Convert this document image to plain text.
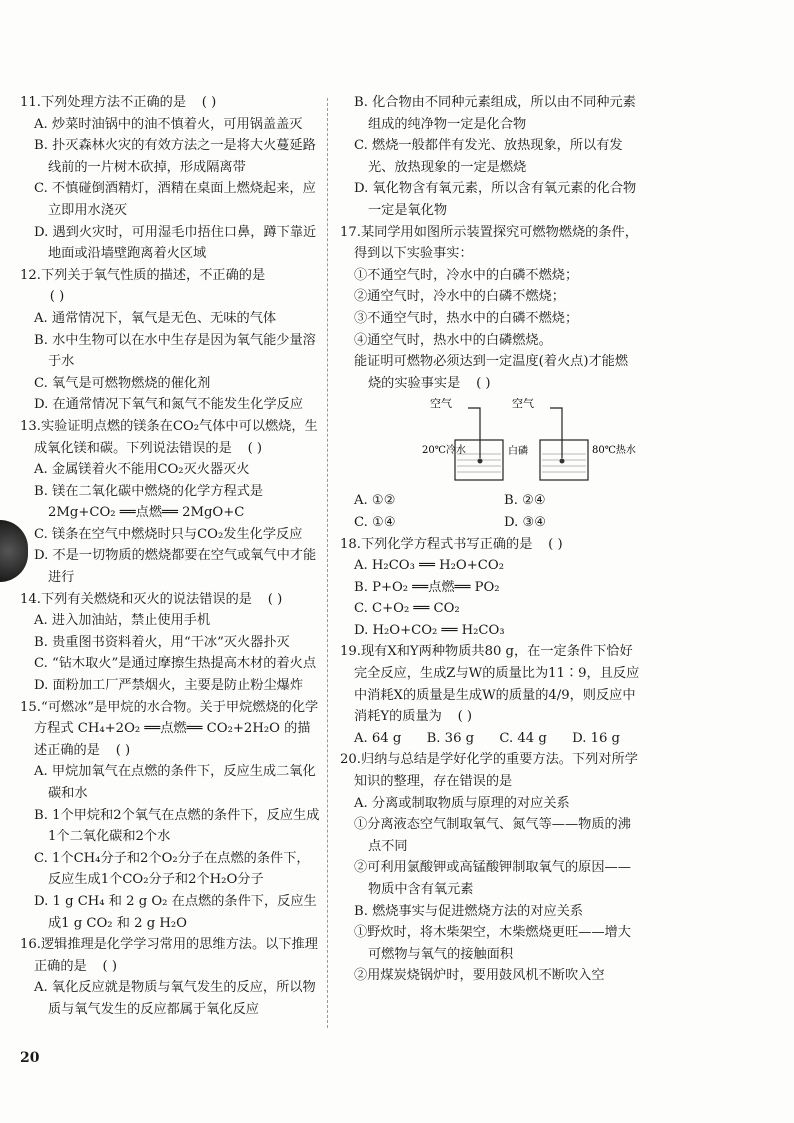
11.下列处理方法不正确的是 ( )
A. 炒菜时油锅中的油不慎着火，可用锅盖盖灭
B. 扑灭森林火灾的有效方法之一是将大火蔓延路线前的一片树木砍掉，形成隔离带
C. 不慎碰倒酒精灯，酒精在桌面上燃烧起来，应立即用水浇灭
D. 遇到火灾时，可用湿毛巾捂住口鼻，蹲下靠近地面或沿墙壁跑离着火区域
12.下列关于氧气性质的描述，不正确的是( )
A. 通常情况下，氧气是无色、无味的气体
B. 水中生物可以在水中生存是因为氧气能少量溶于水
C. 氧气是可燃物燃烧的催化剂
D. 在通常情况下氧气和氮气不能发生化学反应
13.实验证明点燃的镁条在CO₂气体中可以燃烧，生成氧化镁和碳。下列说法错误的是 ( )
A. 金属镁着火不能用CO₂灭火器灭火
B. 镁在二氧化碳中燃烧的化学方程式是2Mg+CO₂ ══点燃══ 2MgO+C
C. 镁条在空气中燃烧时只与CO₂发生化学反应
D. 不是一切物质的燃烧都要在空气或氧气中才能进行
14.下列有关燃烧和灭火的说法错误的是 ( )
A. 进入加油站，禁止使用手机
B. 贵重图书资料着火，用“干冰”灭火器扑灭
C. “钻木取火”是通过摩擦生热提高木材的着火点
D. 面粉加工厂严禁烟火，主要是防止粉尘爆炸
15.“可燃冰”是甲烷的水合物。关于甲烷燃烧的化学方程式 CH₄+2O₂ ══点燃══ CO₂+2H₂O 的描述正确的是 ( )
A. 甲烷加氧气在点燃的条件下，反应生成二氧化碳和水
B. 1个甲烷和2个氧气在点燃的条件下，反应生成1个二氧化碳和2个水
C. 1个CH₄分子和2个O₂分子在点燃的条件下，反应生成1个CO₂分子和2个H₂O分子
D. 1 g CH₄ 和 2 g O₂ 在点燃的条件下，反应生成1 g CO₂ 和 2 g H₂O
16.逻辑推理是化学学习常用的思维方法。以下推理正确的是 ( )
A. 氧化反应就是物质与氧气发生的反应，所以物质与氧气发生的反应都属于氧化反应
B. 化合物由不同种元素组成，所以由不同种元素组成的纯净物一定是化合物
C. 燃烧一般都伴有发光、放热现象，所以有发光、放热现象的一定是燃烧
D. 氧化物含有氧元素，所以含有氧元素的化合物一定是氧化物
17.某同学用如图所示装置探究可燃物燃烧的条件，得到以下实验事实：
①不通空气时，冷水中的白磷不燃烧；
②通空气时，冷水中的白磷不燃烧；
③不通空气时，热水中的白磷不燃烧；
④通空气时，热水中的白磷燃烧。
能证明可燃物必须达到一定温度(着火点)才能燃烧的实验事实是 ( )
空气	空气
20℃冷水	白磷	80℃热水
A. ①②	B. ②④
C. ①④	D. ③④
18.下列化学方程式书写正确的是 ( )
A. H₂CO₃ ══ H₂O+CO₂
B. P+O₂ ══点燃══ PO₂
C. C+O₂ ══ CO₂
D. H₂O+CO₂ ══ H₂CO₃
19.现有X和Y两种物质共80 g，在一定条件下恰好完全反应，生成Z与W的质量比为11∶9，且反应中消耗X的质量是生成W的质量的4/9，则反应中消耗Y的质量为 ( )
A. 64 g B. 36 g C. 44 g D. 16 g
20.归纳与总结是学好化学的重要方法。下列对所学知识的整理，存在错误的是
A. 分离或制取物质与原理的对应关系
①分离液态空气制取氧气、氮气等——物质的沸点不同
②可利用氯酸钾或高锰酸钾制取氧气的原因——物质中含有氧元素
B. 燃烧事实与促进燃烧方法的对应关系
①野炊时，将木柴架空，木柴燃烧更旺——增大可燃物与氧气的接触面积
②用煤炭烧锅炉时，要用鼓风机不断吹入空
20
